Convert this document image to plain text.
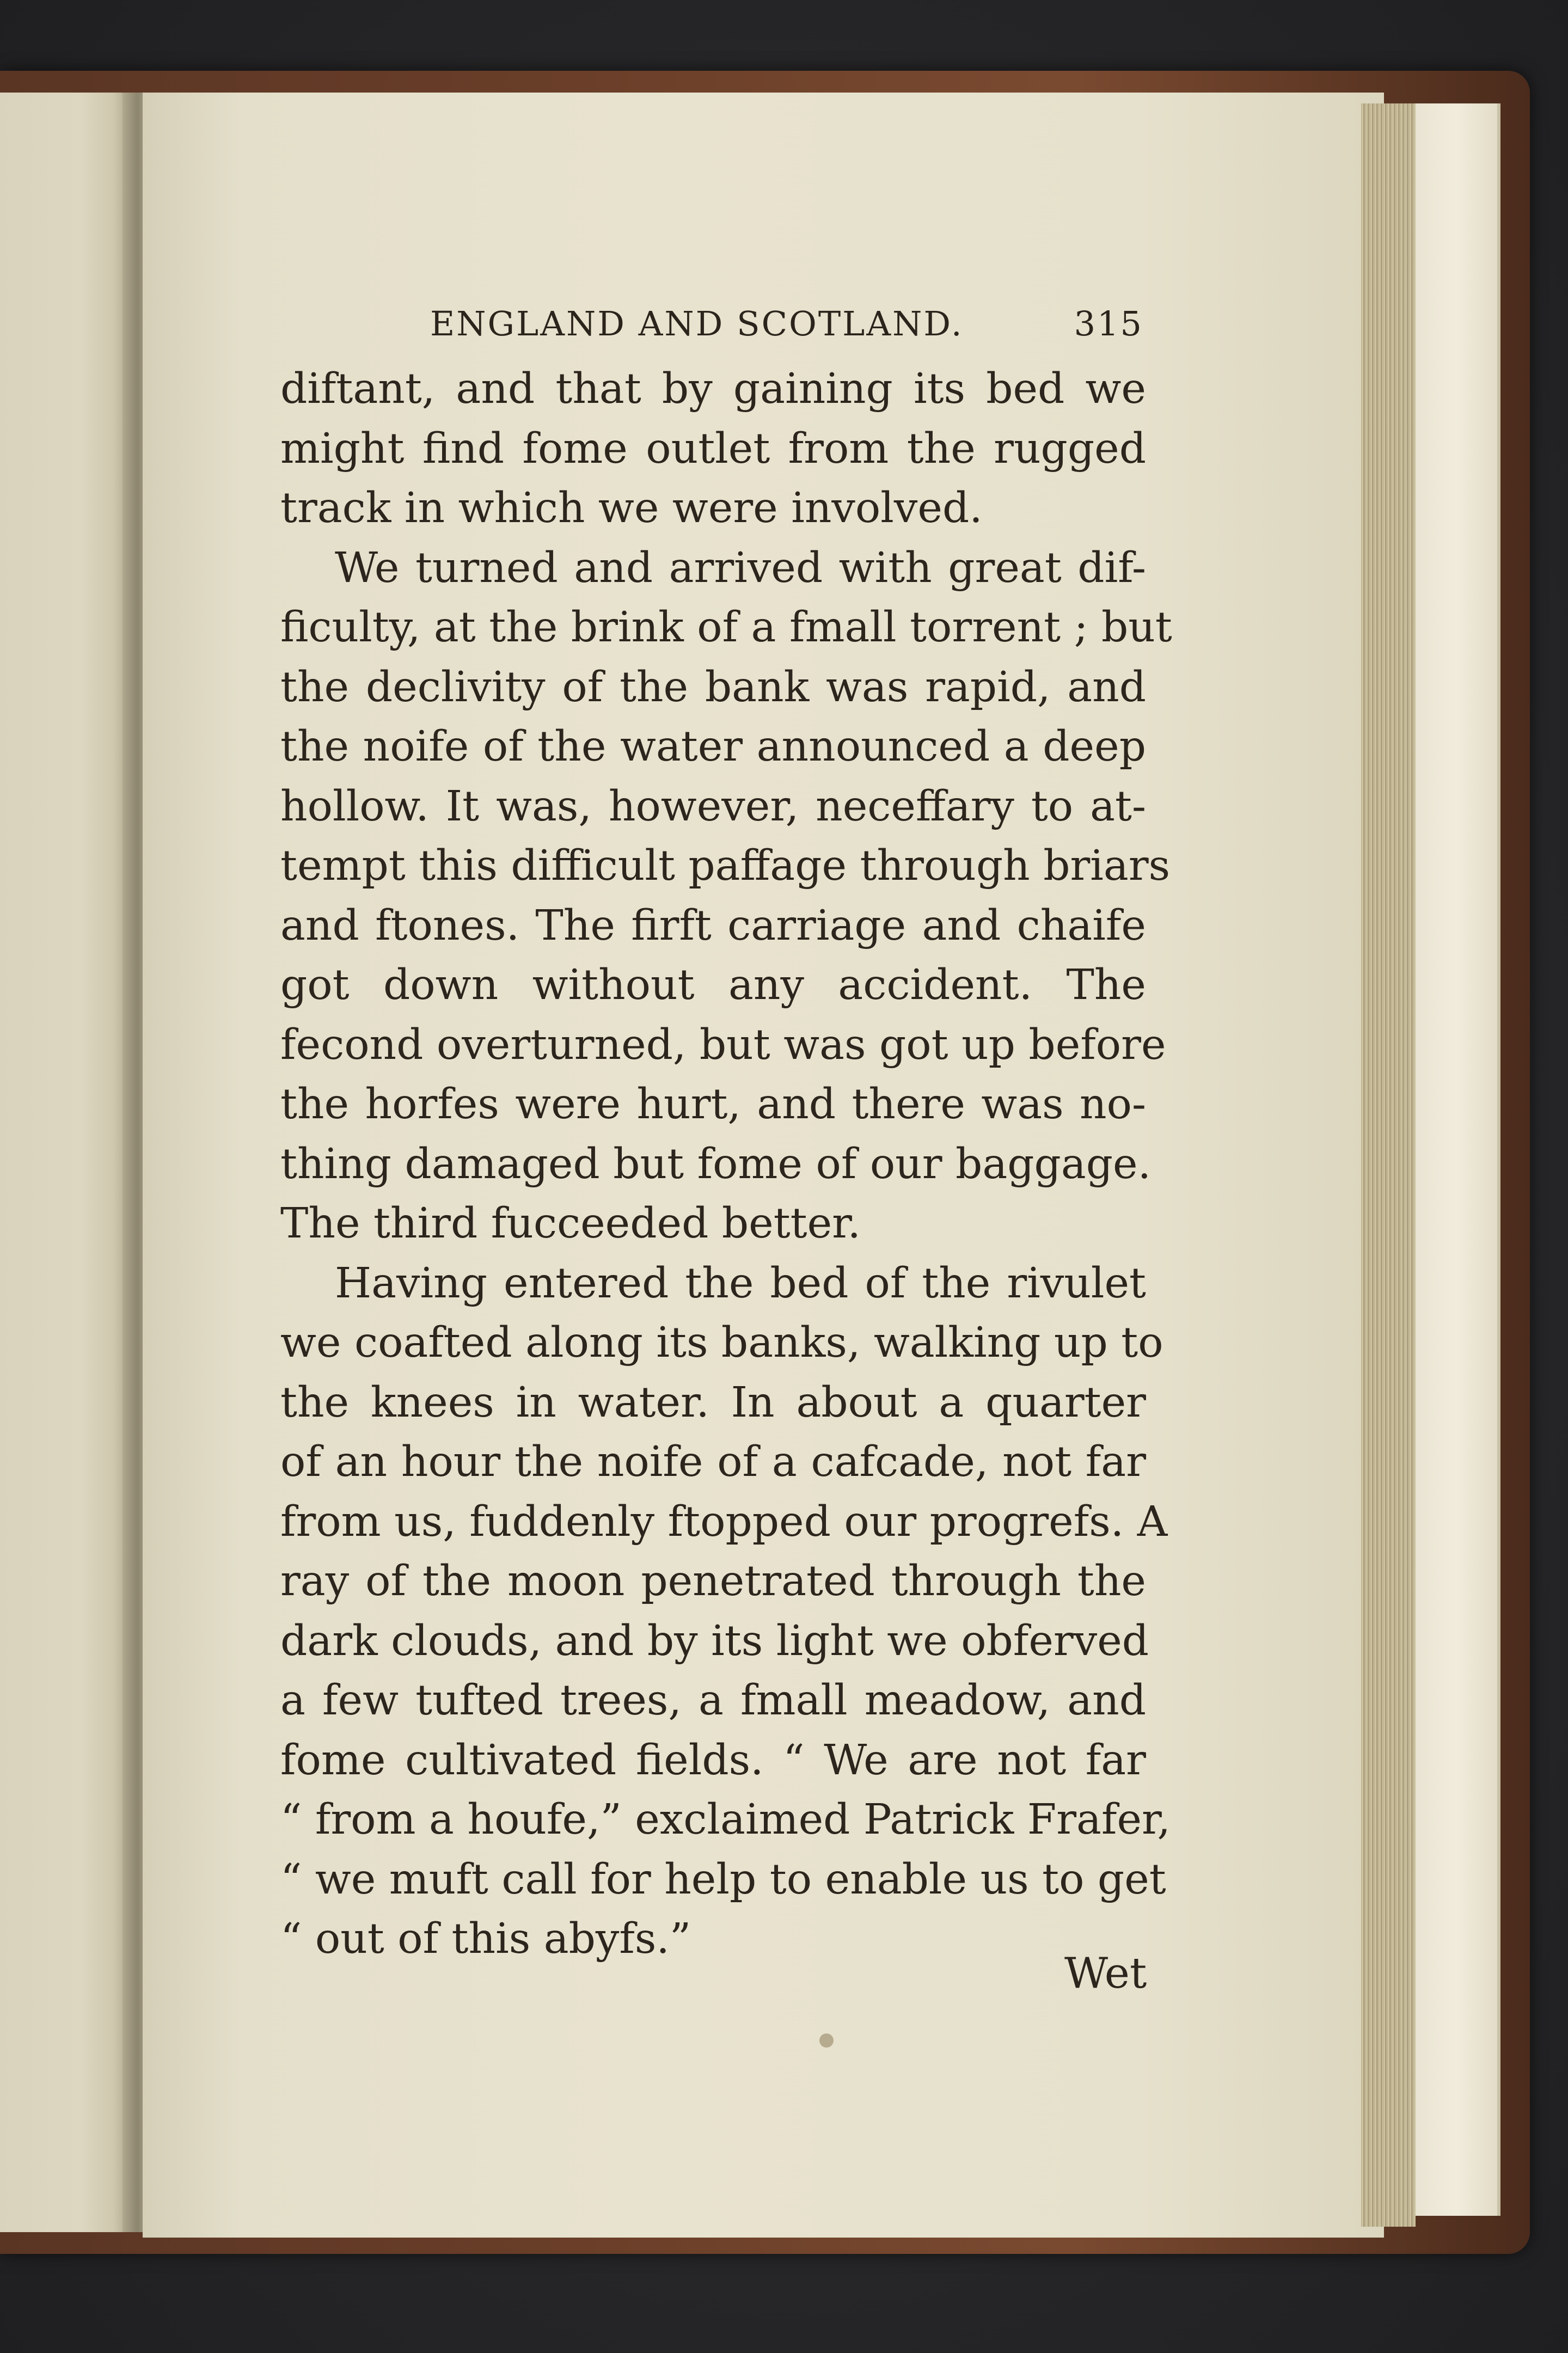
ENGLAND AND SCOTLAND.	315
diftant, and that by gaining its bed we
might find fome outlet from the rugged
track in which we were involved.
We turned and arrived with great dif-
ficulty, at the brink of a fmall torrent ; but
the declivity of the bank was rapid, and
the noife of the water announced a deep
hollow. It was, however, neceffary to at-
tempt this difficult paffage through briars
and ftones. The firft carriage and chaife
got down without any accident. The
fecond overturned, but was got up before
the horfes were hurt, and there was no-
thing damaged but fome of our baggage.
The third fucceeded better.
Having entered the bed of the rivulet
we coafted along its banks, walking up to
the knees in water. In about a quarter
of an hour the noife of a cafcade, not far
from us, fuddenly ftopped our progrefs. A
ray of the moon penetrated through the
dark clouds, and by its light we obferved
a few tufted trees, a fmall meadow, and
fome cultivated fields. “ We are not far
“ from a houfe,” exclaimed Patrick Frafer,
“ we muft call for help to enable us to get
“ out of this abyfs.”
Wet
